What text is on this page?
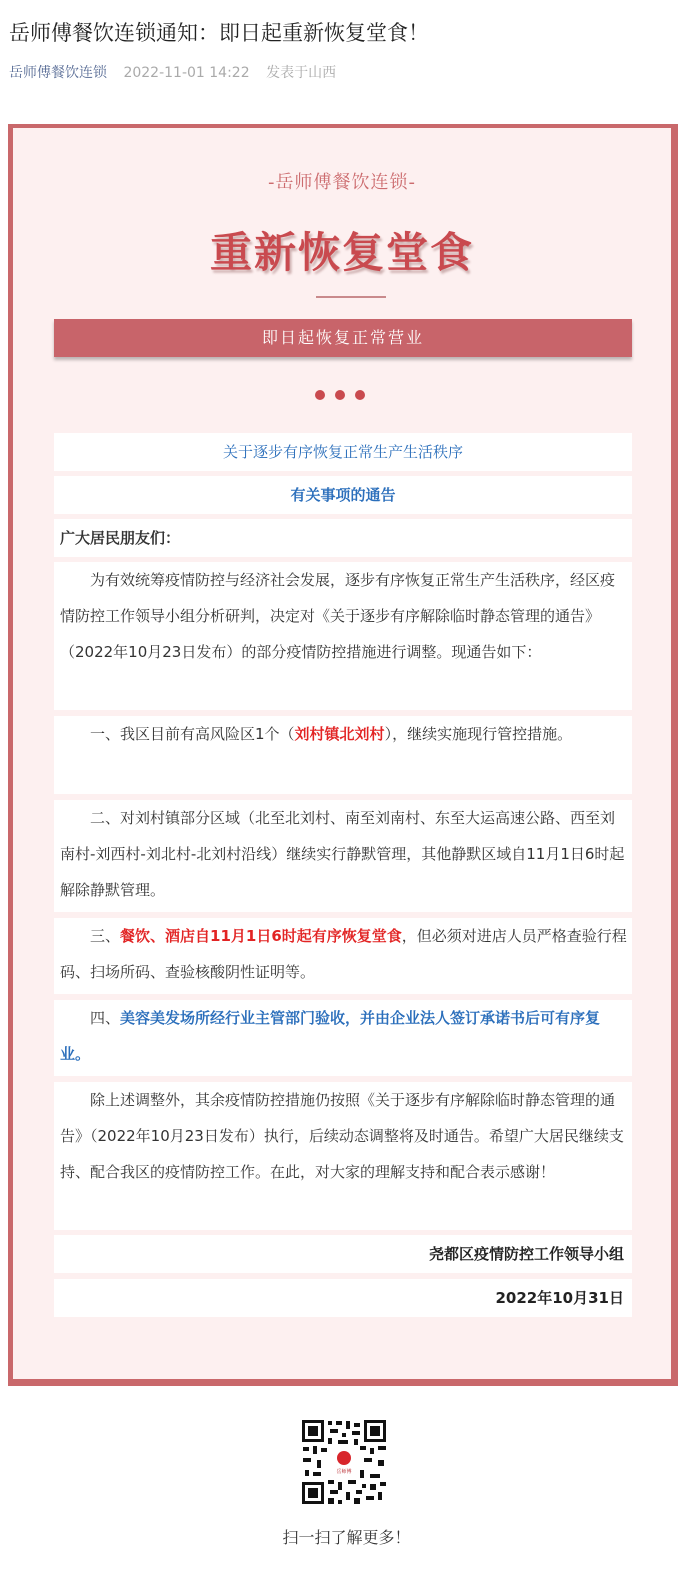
岳师傅餐饮连锁通知：即日起重新恢复堂食！
岳师傅餐饮连锁 2022-11-01 14:22 发表于山西
-岳师傅餐饮连锁-
重新恢复堂食
即日起恢复正常营业

关于逐步有序恢复正常生产生活秩序

有关事项的通告

广大居民朋友们：

为有效统筹疫情防控与经济社会发展，逐步有序恢复正常生产生活秩序，经区疫情防控工作领导小组分析研判，决定对《关于逐步有序解除临时静态管理的通告》（2022年10月23日发布）的部分疫情防控措施进行调整。现通告如下：

一、我区目前有高风险区1个（刘村镇北刘村），继续实施现行管控措施。

二、对刘村镇部分区域（北至北刘村、南至刘南村、东至大运高速公路、西至刘南村-刘西村-刘北村-北刘村沿线）继续实行静默管理，其他静默区域自11月1日6时起解除静默管理。

三、餐饮、酒店自11月1日6时起有序恢复堂食，但必须对进店人员严格查验行程码、扫场所码、查验核酸阴性证明等。

四、美容美发场所经行业主管部门验收，并由企业法人签订承诺书后可有序复业。

除上述调整外，其余疫情防控措施仍按照《关于逐步有序解除临时静态管理的通告》（2022年10月23日发布）执行，后续动态调整将及时通告。希望广大居民继续支持、配合我区的疫情防控工作。在此，对大家的理解支持和配合表示感谢！

尧都区疫情防控工作领导小组

2022年10月31日

岳师傅
扫一扫了解更多！
